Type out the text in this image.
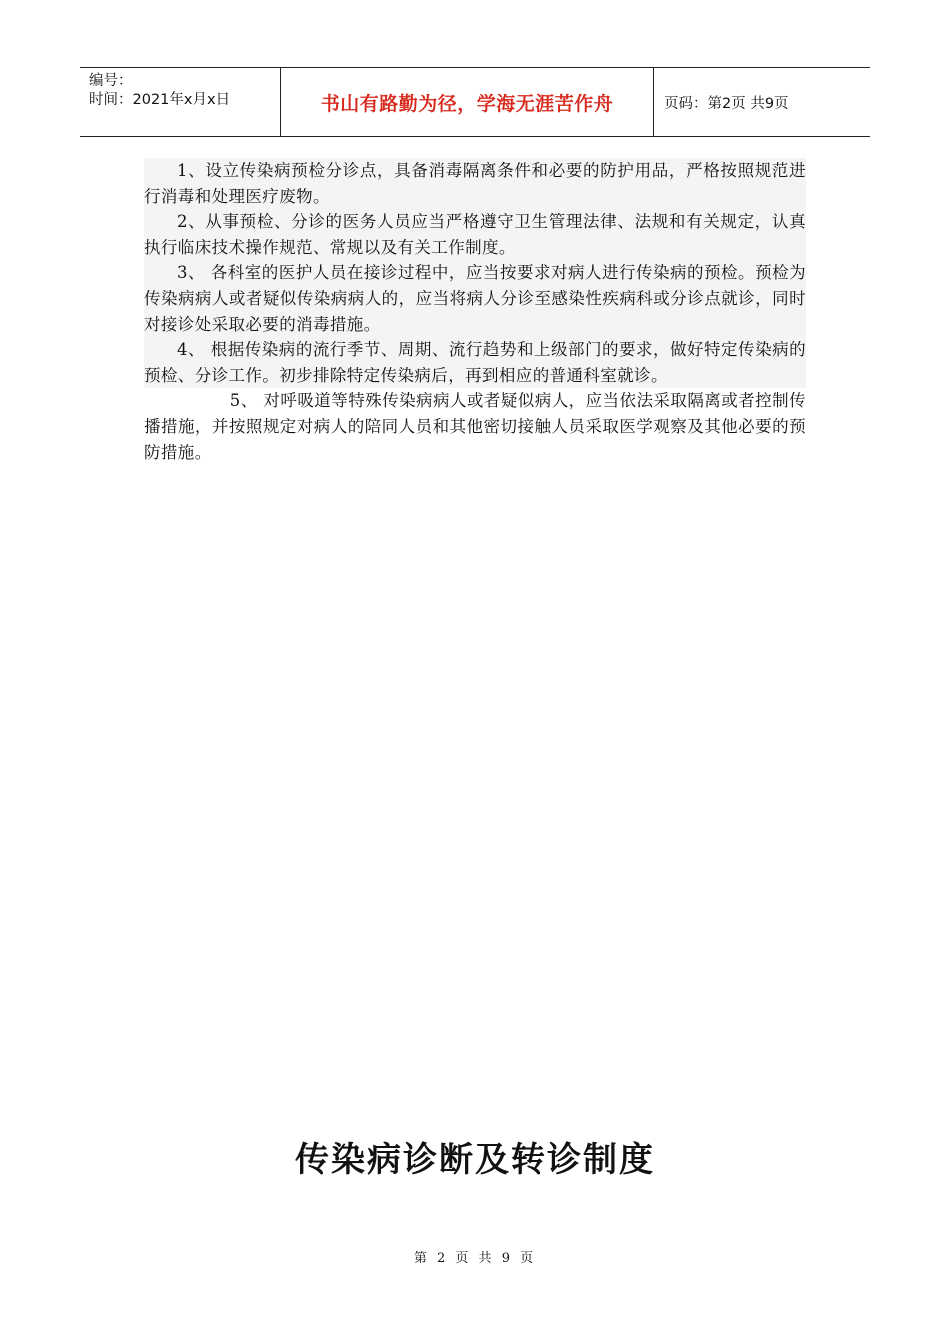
编号：
时间：2021年x月x日	书山有路勤为径，学海无涯苦作舟	页码：第2页 共9页

1、设立传染病预检分诊点，具备消毒隔离条件和必要的防护用品，严格按照规范进行消毒和处理医疗废物。

2、从事预检、分诊的医务人员应当严格遵守卫生管理法律、法规和有关规定，认真执行临床技术操作规范、常规以及有关工作制度。

3、 各科室的医护人员在接诊过程中，应当按要求对病人进行传染病的预检。预检为传染病病人或者疑似传染病病人的，应当将病人分诊至感染性疾病科或分诊点就诊，同时对接诊处采取必要的消毒措施。

4、 根据传染病的流行季节、周期、流行趋势和上级部门的要求，做好特定传染病的预检、分诊工作。初步排除特定传染病后，再到相应的普通科室就诊。

5、 对呼吸道等特殊传染病病人或者疑似病人，应当依法采取隔离或者控制传播措施，并按照规定对病人的陪同人员和其他密切接触人员采取医学观察及其他必要的预防措施。

传染病诊断及转诊制度
第 2 页 共 9 页
